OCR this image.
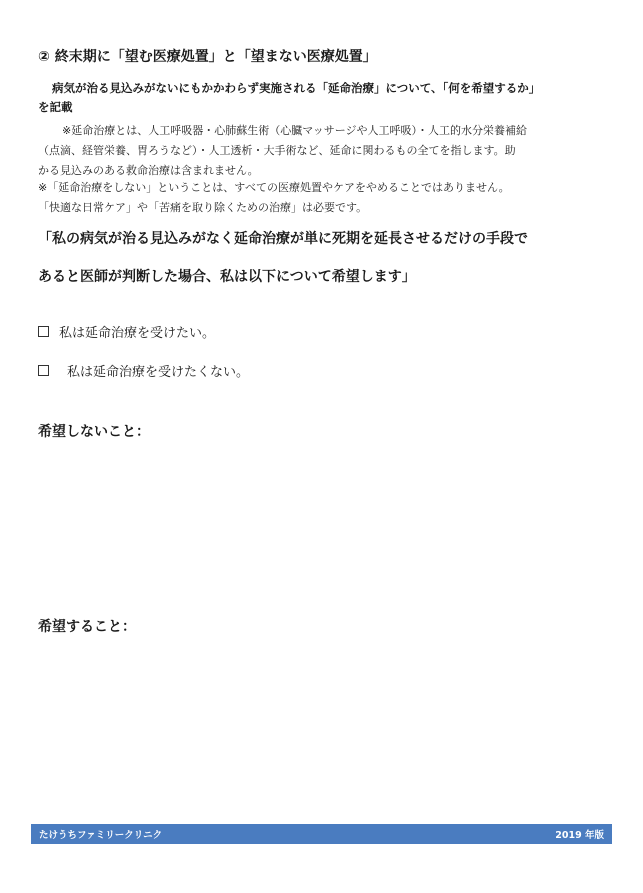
② 終末期に「望む医療処置」と「望まない医療処置」
病気が治る見込みがないにもかかわらず実施される「延命治療」について、「何を希望するか」
を記載
※延命治療とは、人工呼吸器・心肺蘇生術（心臓マッサージや人工呼吸）・人工的水分栄養補給
（点滴、経管栄養、胃ろうなど）・人工透析・大手術など、延命に関わるもの全てを指します。助
かる見込みのある救命治療は含まれません。
※「延命治療をしない」ということは、すべての医療処置やケアをやめることではありません。
「快適な日常ケア」や「苦痛を取り除くための治療」は必要です。
「私の病気が治る見込みがなく延命治療が単に死期を延長させるだけの手段で
あると医師が判断した場合、私は以下について希望します」
私は延命治療を受けたい。
私は延命治療を受けたくない。
希望しないこと：
希望すること：
たけうちファミリークリニク	2019 年版
